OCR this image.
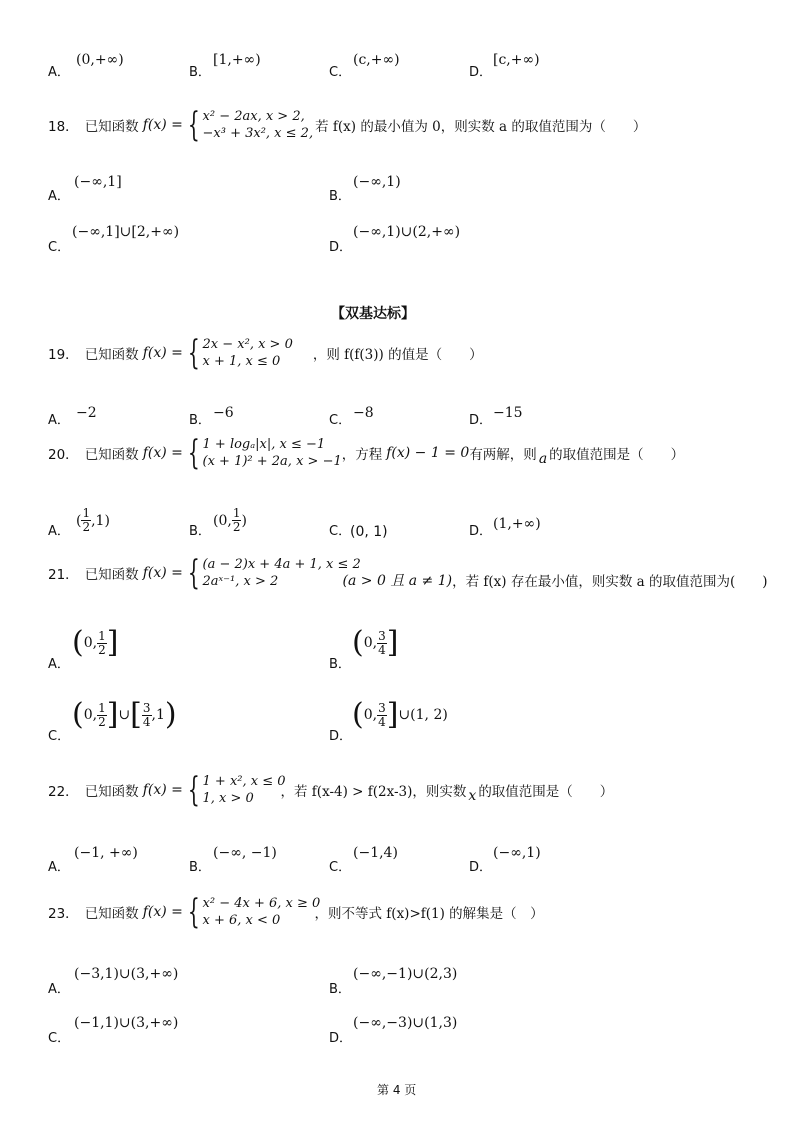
A．
(0,+∞)
B．
[1,+∞)
C．
(c,+∞)
D．
[c,+∞)
18． 已知函数 f(x) = { x² − 2ax, x > 2,
−x³ + 3x², x ≤ 2, 若 f(x) 的最小值为 0，则实数 a 的取值范围为（　　）
A．
(−∞,1]
B．
(−∞,1)
C．
(−∞,1]∪[2,+∞)
D．
(−∞,1)∪(2,+∞)
【双基达标】
19． 已知函数 f(x) = { 2x − x², x > 0
x + 1, x ≤ 0	，则 f(f(3)) 的值是（　　）
A． −2	B． −6	C． −8	D． −15
20． 已知函数 f(x) = { 1 + logₐ|x|, x ≤ −1
(x + 1)² + 2a, x > −1 ，方程 f(x) − 1 = 0 有两解，则 a 的取值范围是（　　）
A．
( $\frac{1}{2} ,1$)
B．
(0, $\frac{1}{2}$ )
C．
(0, 1)	D． (1,+∞)
21． 已知函数 f(x) = { (a − 2)x + 4a + 1, x ≤ 2
2aˣ⁻¹, x > 2	(a > 0 且 a ≠ 1) ，若 f(x) 存在最小值，则实数 a 的取值范围为(　　)
A．
( 0, $\frac{1}{2}$ ]
B．
( 0, $\frac{3}{4}$ ]
C．
( 0, $\frac{1}{2}$ ] ∪ [ $\frac{3}{4} ,1$ )
D．
( 0, $\frac{3}{4}$ ] ∪(1, 2)
22． 已知函数 f(x) = { 1 + x², x ≤ 0
1, x > 0	，若 f(x-4) > f(2x-3)，则实数 x 的取值范围是（　　）
A．
(−1, +∞)
B．
(−∞, −1)
C．
(−1,4)
D．
(−∞,1)
23． 已知函数 f(x) = { x² − 4x + 6, x ≥ 0
x + 6, x < 0	，则不等式 f(x)>f(1) 的解集是（　）
A．
(−3,1)∪(3,+∞)
B．
(−∞,−1)∪(2,3)
C．
(−1,1)∪(3,+∞)
D．
(−∞,−3)∪(1,3)
第 4 页
